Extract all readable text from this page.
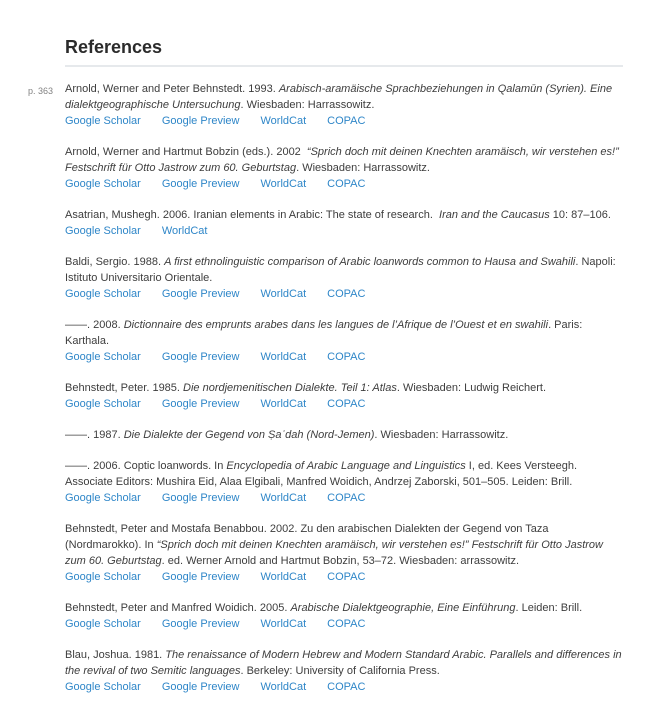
p. 363
References

Arnold, Werner and Peter Behnstedt. 1993. Arabisch-aramäische Sprachbeziehungen in Qalamūn (Syrien). Eine dialektgeographische Untersuchung. Wiesbaden: Harrassowitz.

Google Scholar Google Preview WorldCat COPAC

Arnold, Werner and Hartmut Bobzin (eds.). 2002  “Sprich doch mit deinen Knechten aramäisch, wir verstehen es!” Festschrift für Otto Jastrow zum 60. Geburtstag. Wiesbaden: Harrassowitz.

Google Scholar Google Preview WorldCat COPAC

Asatrian, Mushegh. 2006. Iranian elements in Arabic: The state of research.  Iran and the Caucasus 10: 87–106.

Google Scholar WorldCat

Baldi, Sergio. 1988. A first ethnolinguistic comparison of Arabic loanwords common to Hausa and Swahili. Napoli: Istituto Universitario Orientale.

Google Scholar Google Preview WorldCat COPAC

——. 2008. Dictionnaire des emprunts arabes dans les langues de l’Afrique de l’Ouest et en swahili. Paris: Karthala.

Google Scholar Google Preview WorldCat COPAC

Behnstedt, Peter. 1985. Die nordjemenitischen Dialekte. Teil 1: Atlas. Wiesbaden: Ludwig Reichert.

Google Scholar Google Preview WorldCat COPAC

——. 1987. Die Dialekte der Gegend von Ṣaʿdah (Nord-Jemen). Wiesbaden: Harrassowitz.

——. 2006. Coptic loanwords. In Encyclopedia of Arabic Language and Linguistics I, ed. Kees Versteegh. Associate Editors: Mushira Eid, Alaa Elgibali, Manfred Woidich, Andrzej Zaborski, 501–505. Leiden: Brill.

Google Scholar Google Preview WorldCat COPAC

Behnstedt, Peter and Mostafa Benabbou. 2002. Zu den arabischen Dialekten der Gegend von Taza (Nordmarokko). In “Sprich doch mit deinen Knechten aramäisch, wir verstehen es!” Festschrift für Otto Jastrow zum 60. Geburtstag. ed. Werner Arnold and Hartmut Bobzin, 53–72. Wiesbaden: arrassowitz.

Google Scholar Google Preview WorldCat COPAC

Behnstedt, Peter and Manfred Woidich. 2005. Arabische Dialektgeographie, Eine Einführung. Leiden: Brill.

Google Scholar Google Preview WorldCat COPAC

Blau, Joshua. 1981. The renaissance of Modern Hebrew and Modern Standard Arabic. Parallels and differences in the revival of two Semitic languages. Berkeley: University of California Press.

Google Scholar Google Preview WorldCat COPAC
